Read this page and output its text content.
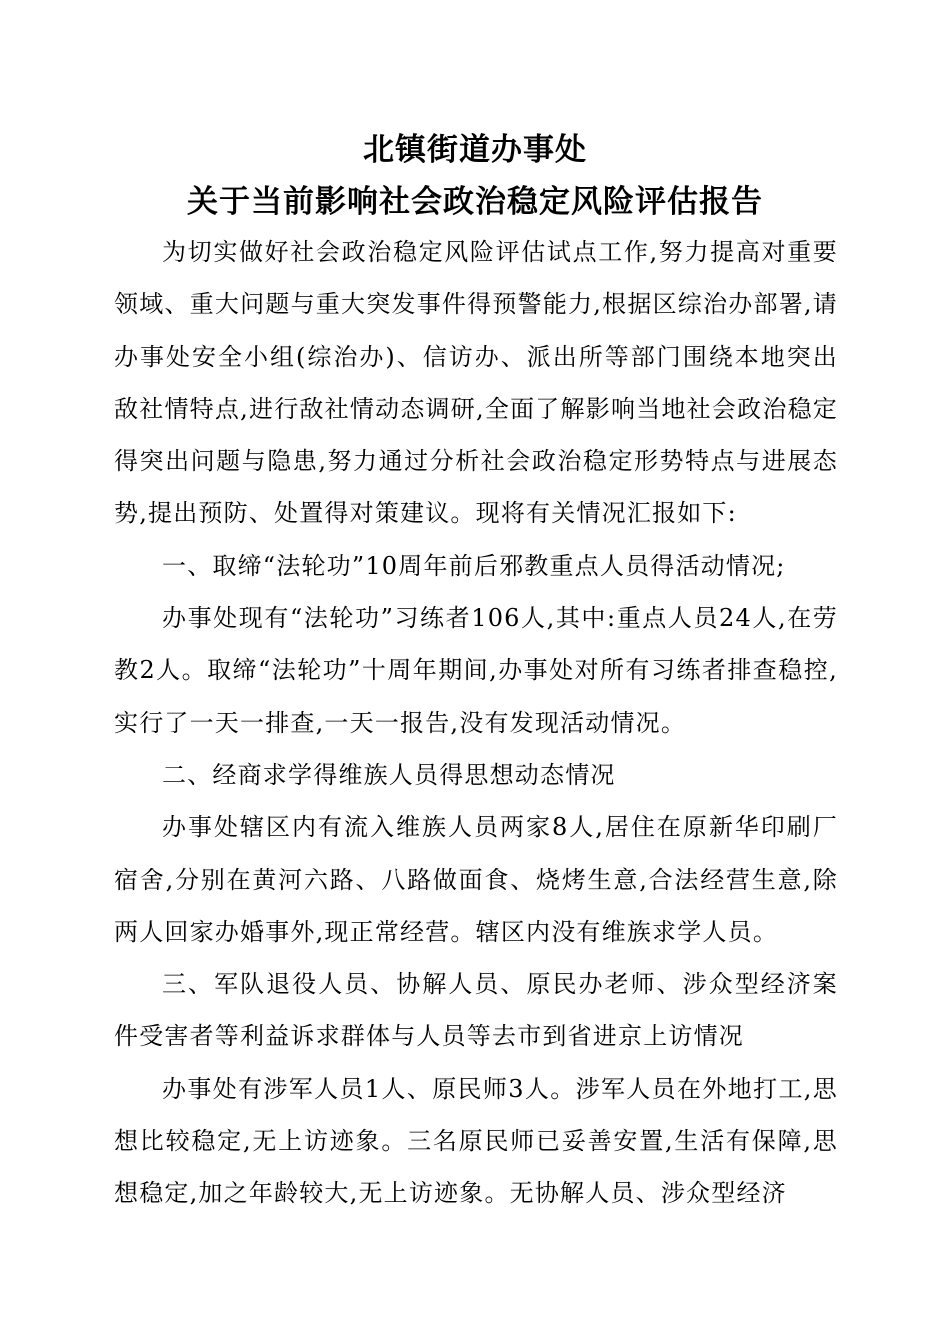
北镇街道办事处
关于当前影响社会政治稳定风险评估报告

为切实做好社会政治稳定风险评估试点工作,努力提高对重要领域、重大问题与重大突发事件得预警能力,根据区综治办部署,请办事处安全小组(综治办)、信访办、派出所等部门围绕本地突出敌社情特点,进行敌社情动态调研,全面了解影响当地社会政治稳定得突出问题与隐患,努力通过分析社会政治稳定形势特点与进展态势,提出预防、处置得对策建议。现将有关情况汇报如下:

一、取缔“法轮功”10周年前后邪教重点人员得活动情况;

办事处现有“法轮功”习练者106人,其中:重点人员24人,在劳教2人。取缔“法轮功”十周年期间,办事处对所有习练者排查稳控,实行了一天一排查,一天一报告,没有发现活动情况。

二、经商求学得维族人员得思想动态情况

办事处辖区内有流入维族人员两家8人,居住在原新华印刷厂宿舍,分别在黄河六路、八路做面食、烧烤生意,合法经营生意,除两人回家办婚事外,现正常经营。辖区内没有维族求学人员。

三、军队退役人员、协解人员、原民办老师、涉众型经济案件受害者等利益诉求群体与人员等去市到省进京上访情况

办事处有涉军人员1人、原民师3人。涉军人员在外地打工,思想比较稳定,无上访迹象。三名原民师已妥善安置,生活有保障,思想稳定,加之年龄较大,无上访迹象。无协解人员、涉众型经济
